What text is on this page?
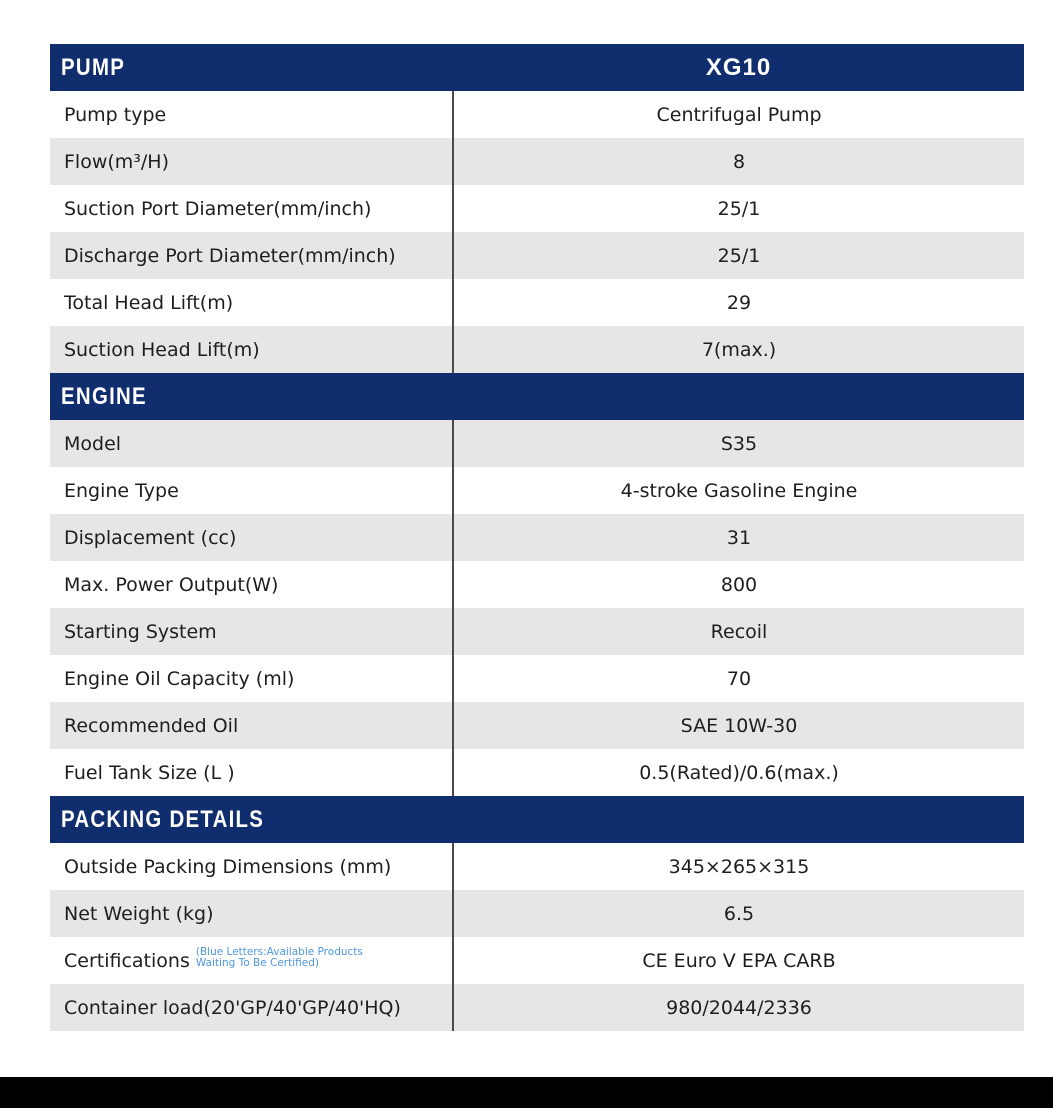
PUMP	XG10
Pump type	Centrifugal Pump
Flow(m³/H)	8
Suction Port Diameter(mm/inch)	25/1
Discharge Port Diameter(mm/inch)	25/1
Total Head Lift(m)	29
Suction Head Lift(m)	7(max.)
ENGINE
Model	S35
Engine Type	4-stroke Gasoline Engine
Displacement (cc)	31
Max. Power Output(W)	800
Starting System	Recoil
Engine Oil Capacity (ml)	70
Recommended Oil	SAE 10W-30
Fuel Tank Size (L )	0.5(Rated)/0.6(max.)
PACKING DETAILS
Outside Packing Dimensions (mm)	345×265×315
Net Weight (kg)	6.5
Certifications (Blue Letters:Available Products
Waiting To Be Certified)	CE Euro V EPA CARB
Container load(20'GP/40'GP/40'HQ)	980/2044/2336
